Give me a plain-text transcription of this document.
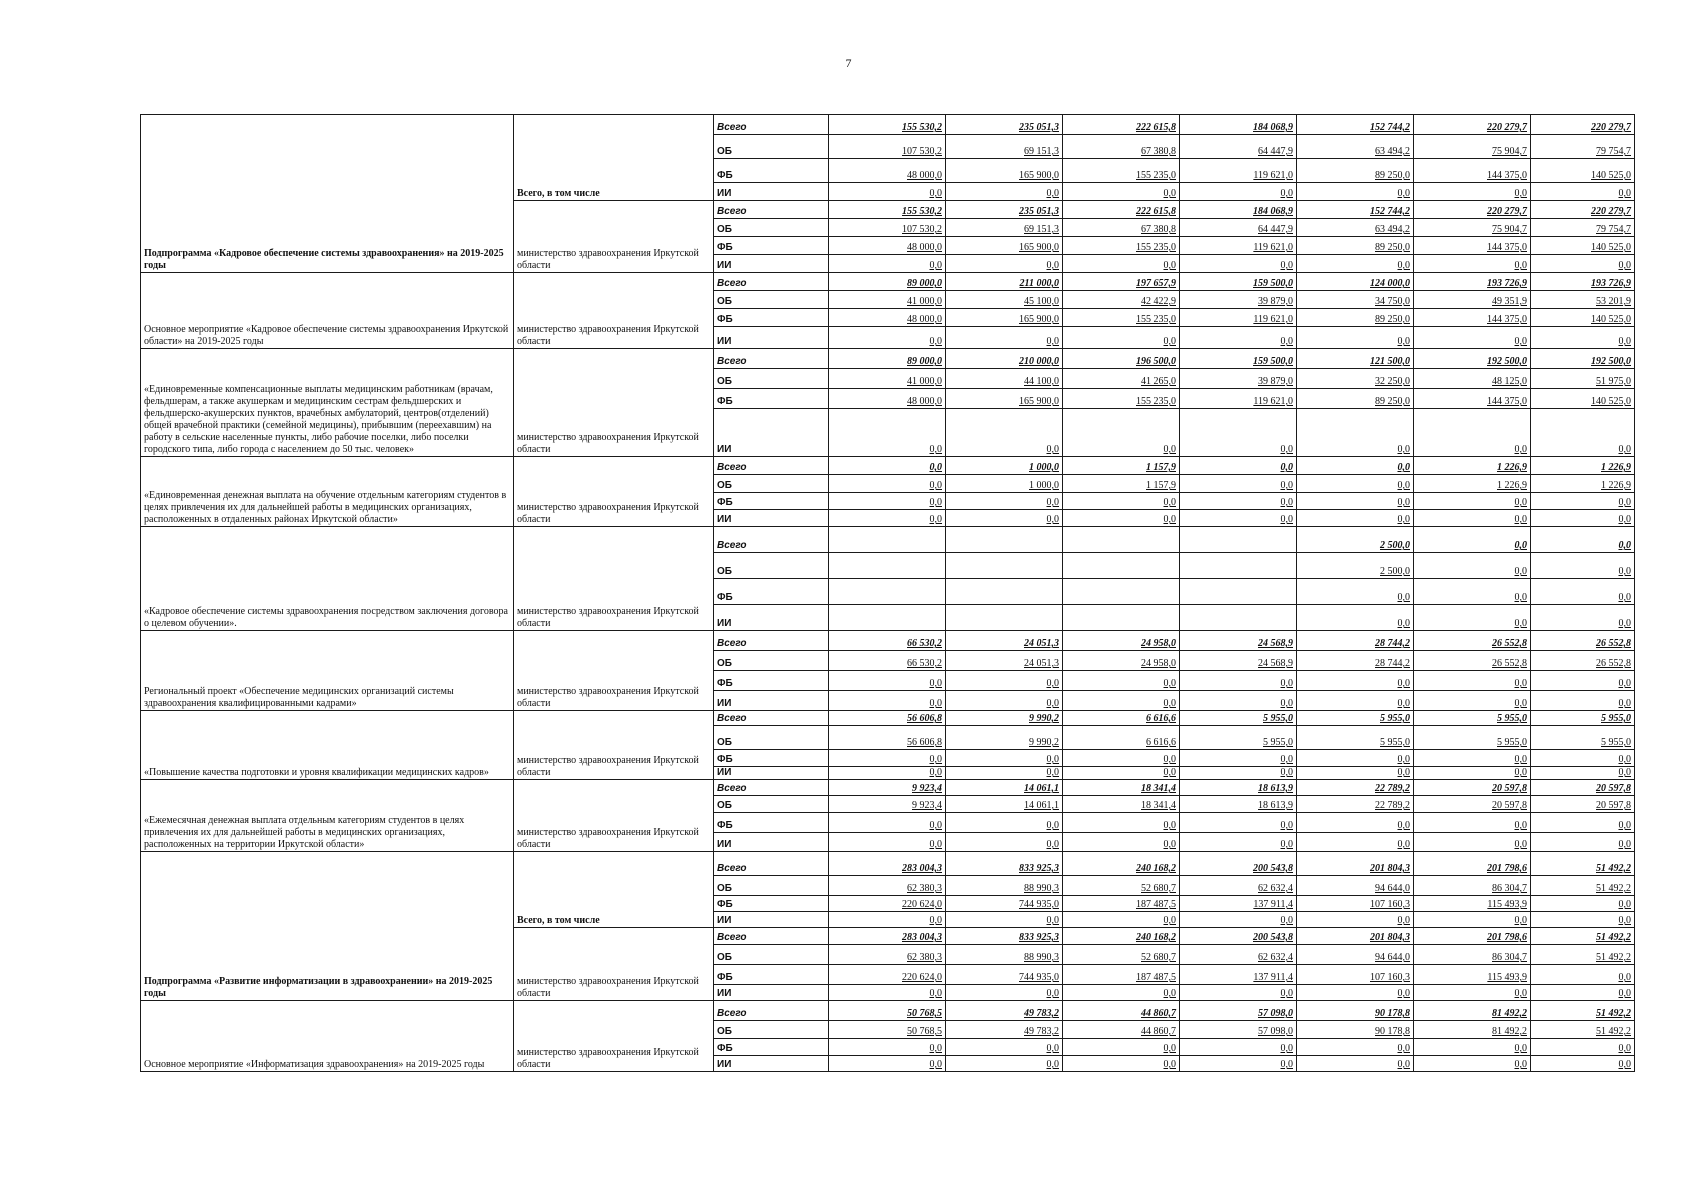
7
Подпрограмма «Кадровое обеспечение системы здравоохранения» на 2019-2025 годы	Всего, в том числе	Всего	155 530,2	235 051,3	222 615,8	184 068,9	152 744,2	220 279,7	220 279,7
		ОБ	107 530,2	69 151,3	67 380,8	64 447,9	63 494,2	75 904,7	79 754,7
		ФБ	48 000,0	165 900,0	155 235,0	119 621,0	89 250,0	144 375,0	140 525,0
		ИИ	0,0	0,0	0,0	0,0	0,0	0,0	0,0
	министерство здравоохранения Иркутской области	Всего	155 530,2	235 051,3	222 615,8	184 068,9	152 744,2	220 279,7	220 279,7
		ОБ	107 530,2	69 151,3	67 380,8	64 447,9	63 494,2	75 904,7	79 754,7
		ФБ	48 000,0	165 900,0	155 235,0	119 621,0	89 250,0	144 375,0	140 525,0
		ИИ	0,0	0,0	0,0	0,0	0,0	0,0	0,0
Основное мероприятие «Кадровое обеспечение системы здравоохранения Иркутской области» на 2019-2025 годы	министерство здравоохранения Иркутской области	Всего	89 000,0	211 000,0	197 657,9	159 500,0	124 000,0	193 726,9	193 726,9
		ОБ	41 000,0	45 100,0	42 422,9	39 879,0	34 750,0	49 351,9	53 201,9
		ФБ	48 000,0	165 900,0	155 235,0	119 621,0	89 250,0	144 375,0	140 525,0
		ИИ	0,0	0,0	0,0	0,0	0,0	0,0	0,0
«Единовременные компенсационные выплаты медицинским работникам (врачам, фельдшерам, а также акушеркам и медицинским сестрам фельдшерских и фельдшерско-акушерских пунктов, врачебных амбулаторий, центров(отделений) общей врачебной практики (семейной медицины), прибывшим (переехавшим) на работу в сельские населенные пункты, либо рабочие поселки, либо поселки городского типа, либо города с населением до 50 тыс. человек»	министерство здравоохранения Иркутской области	Всего	89 000,0	210 000,0	196 500,0	159 500,0	121 500,0	192 500,0	192 500,0
		ОБ	41 000,0	44 100,0	41 265,0	39 879,0	32 250,0	48 125,0	51 975,0
		ФБ	48 000,0	165 900,0	155 235,0	119 621,0	89 250,0	144 375,0	140 525,0
		ИИ	0,0	0,0	0,0	0,0	0,0	0,0	0,0
«Единовременная денежная выплата на обучение отдельным категориям студентов в целях привлечения их для дальнейшей работы в медицинских организациях, расположенных в отдаленных районах Иркутской области»	министерство здравоохранения Иркутской области	Всего	0,0	1 000,0	1 157,9	0,0	0,0	1 226,9	1 226,9
		ОБ	0,0	1 000,0	1 157,9	0,0	0,0	1 226,9	1 226,9
		ФБ	0,0	0,0	0,0	0,0	0,0	0,0	0,0
		ИИ	0,0	0,0	0,0	0,0	0,0	0,0	0,0
«Кадровое обеспечение системы здравоохранения посредством заключения договора о целевом обучении».	министерство здравоохранения Иркутской области	Всего					2 500,0	0,0	0,0
		ОБ					2 500,0	0,0	0,0
		ФБ					0,0	0,0	0,0
		ИИ					0,0	0,0	0,0
Региональный проект «Обеспечение медицинских организаций системы здравоохранения квалифицированными кадрами»	министерство здравоохранения Иркутской области	Всего	66 530,2	24 051,3	24 958,0	24 568,9	28 744,2	26 552,8	26 552,8
		ОБ	66 530,2	24 051,3	24 958,0	24 568,9	28 744,2	26 552,8	26 552,8
		ФБ	0,0	0,0	0,0	0,0	0,0	0,0	0,0
		ИИ	0,0	0,0	0,0	0,0	0,0	0,0	0,0
«Повышение качества подготовки и уровня квалификации медицинских кадров»	министерство здравоохранения Иркутской области	Всего	56 606,8	9 990,2	6 616,6	5 955,0	5 955,0	5 955,0	5 955,0
		ОБ	56 606,8	9 990,2	6 616,6	5 955,0	5 955,0	5 955,0	5 955,0
		ФБ	0,0	0,0	0,0	0,0	0,0	0,0	0,0
		ИИ	0,0	0,0	0,0	0,0	0,0	0,0	0,0
«Ежемесячная денежная выплата отдельным категориям студентов в целях привлечения их для дальнейшей работы в медицинских организациях, расположенных на территории Иркутской области»	министерство здравоохранения Иркутской области	Всего	9 923,4	14 061,1	18 341,4	18 613,9	22 789,2	20 597,8	20 597,8
		ОБ	9 923,4	14 061,1	18 341,4	18 613,9	22 789,2	20 597,8	20 597,8
		ФБ	0,0	0,0	0,0	0,0	0,0	0,0	0,0
		ИИ	0,0	0,0	0,0	0,0	0,0	0,0	0,0
Подпрограмма «Развитие информатизации в здравоохранении» на 2019-2025 годы	Всего, в том числе	Всего	283 004,3	833 925,3	240 168,2	200 543,8	201 804,3	201 798,6	51 492,2
		ОБ	62 380,3	88 990,3	52 680,7	62 632,4	94 644,0	86 304,7	51 492,2
		ФБ	220 624,0	744 935,0	187 487,5	137 911,4	107 160,3	115 493,9	0,0
		ИИ	0,0	0,0	0,0	0,0	0,0	0,0	0,0
	министерство здравоохранения Иркутской области	Всего	283 004,3	833 925,3	240 168,2	200 543,8	201 804,3	201 798,6	51 492,2
		ОБ	62 380,3	88 990,3	52 680,7	62 632,4	94 644,0	86 304,7	51 492,2
		ФБ	220 624,0	744 935,0	187 487,5	137 911,4	107 160,3	115 493,9	0,0
		ИИ	0,0	0,0	0,0	0,0	0,0	0,0	0,0
Основное мероприятие «Информатизация здравоохранения» на 2019-2025 годы	министерство здравоохранения Иркутской области	Всего	50 768,5	49 783,2	44 860,7	57 098,0	90 178,8	81 492,2	51 492,2
		ОБ	50 768,5	49 783,2	44 860,7	57 098,0	90 178,8	81 492,2	51 492,2
		ФБ	0,0	0,0	0,0	0,0	0,0	0,0	0,0
		ИИ	0,0	0,0	0,0	0,0	0,0	0,0	0,0
